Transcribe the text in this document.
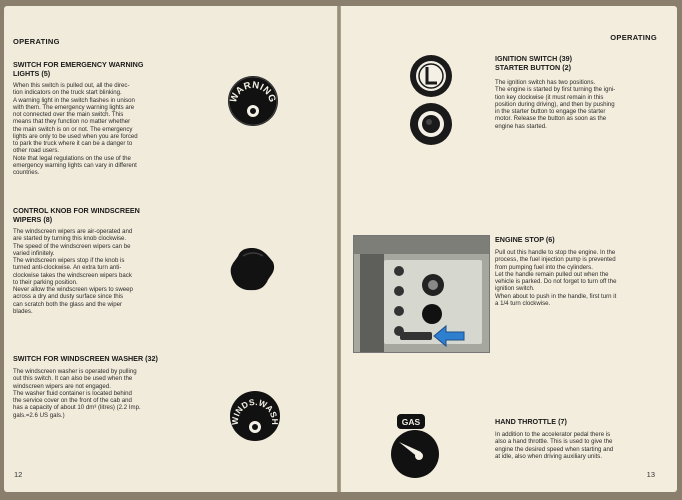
OPERATING
SWITCH FOR EMERGENCY WARNING
LIGHTS (5)
When this switch is pulled out, all the direc-
tion indicators on the truck start blinking.
A warning light in the switch flashes in unison
with them. The emergency warning lights are
not connected over the main switch. This
means that they function no matter whether
the main switch is on or not. The emergency
lights are only to be used when you are forced
to park the truck where it can be a danger to
other road users.
Note that legal regulations on the use of the
emergency warning lights can vary in different
countries.
CONTROL KNOB FOR WINDSCREEN
WIPERS (8)
The windscreen wipers are air-operated and
are started by turning this knob clockwise.
The speed of the windscreen wipers can be
varied infinitely.
The windscreen wipers stop if the knob is
turned anti-clockwise. An extra turn anti-
clockwise takes the windscreen wipers back
to their parking position.
Never allow the windscreen wipers to sweep
across a dry and dusty surface since this
can scratch both the glass and the wiper
blades.
SWITCH FOR WINDSCREEN WASHER (32)
The windscreen washer is operated by pulling
out this switch. It can also be used when the
windscreen wipers are not engaged.
The washer fluid container is located behind
the service cover on the front of the cab and
has a capacity of about 10 dm³ (litres) (2.2 Imp.
gals.=2.6 US gals.)
WARNING
WINDS.WASH
12
OPERATING
IGNITION SWITCH (39)
STARTER BUTTON (2)
The ignition switch has two positions.
The engine is started by first turning the igni-
tion key clockwise (it must remain in this
position during driving), and then by pushing
in the starter button to engage the starter
motor. Release the button as soon as the
engine has started.
ENGINE STOP (6)
Pull out this handle to stop the engine. In the
process, the fuel injection pump is prevented
from pumping fuel into the cylinders.
Let the handle remain pulled out when the
vehicle is parked. Do not forget to turn off the
ignition switch.
When about to push in the handle, first turn it
a 1/4 turn clockwise.
GAS	HAND THROTTLE (7)
In addition to the accelerator pedal there is
also a hand throttle. This is used to give the
engine the desired speed when starting and
at idle, also when driving auxiliary units.
13
